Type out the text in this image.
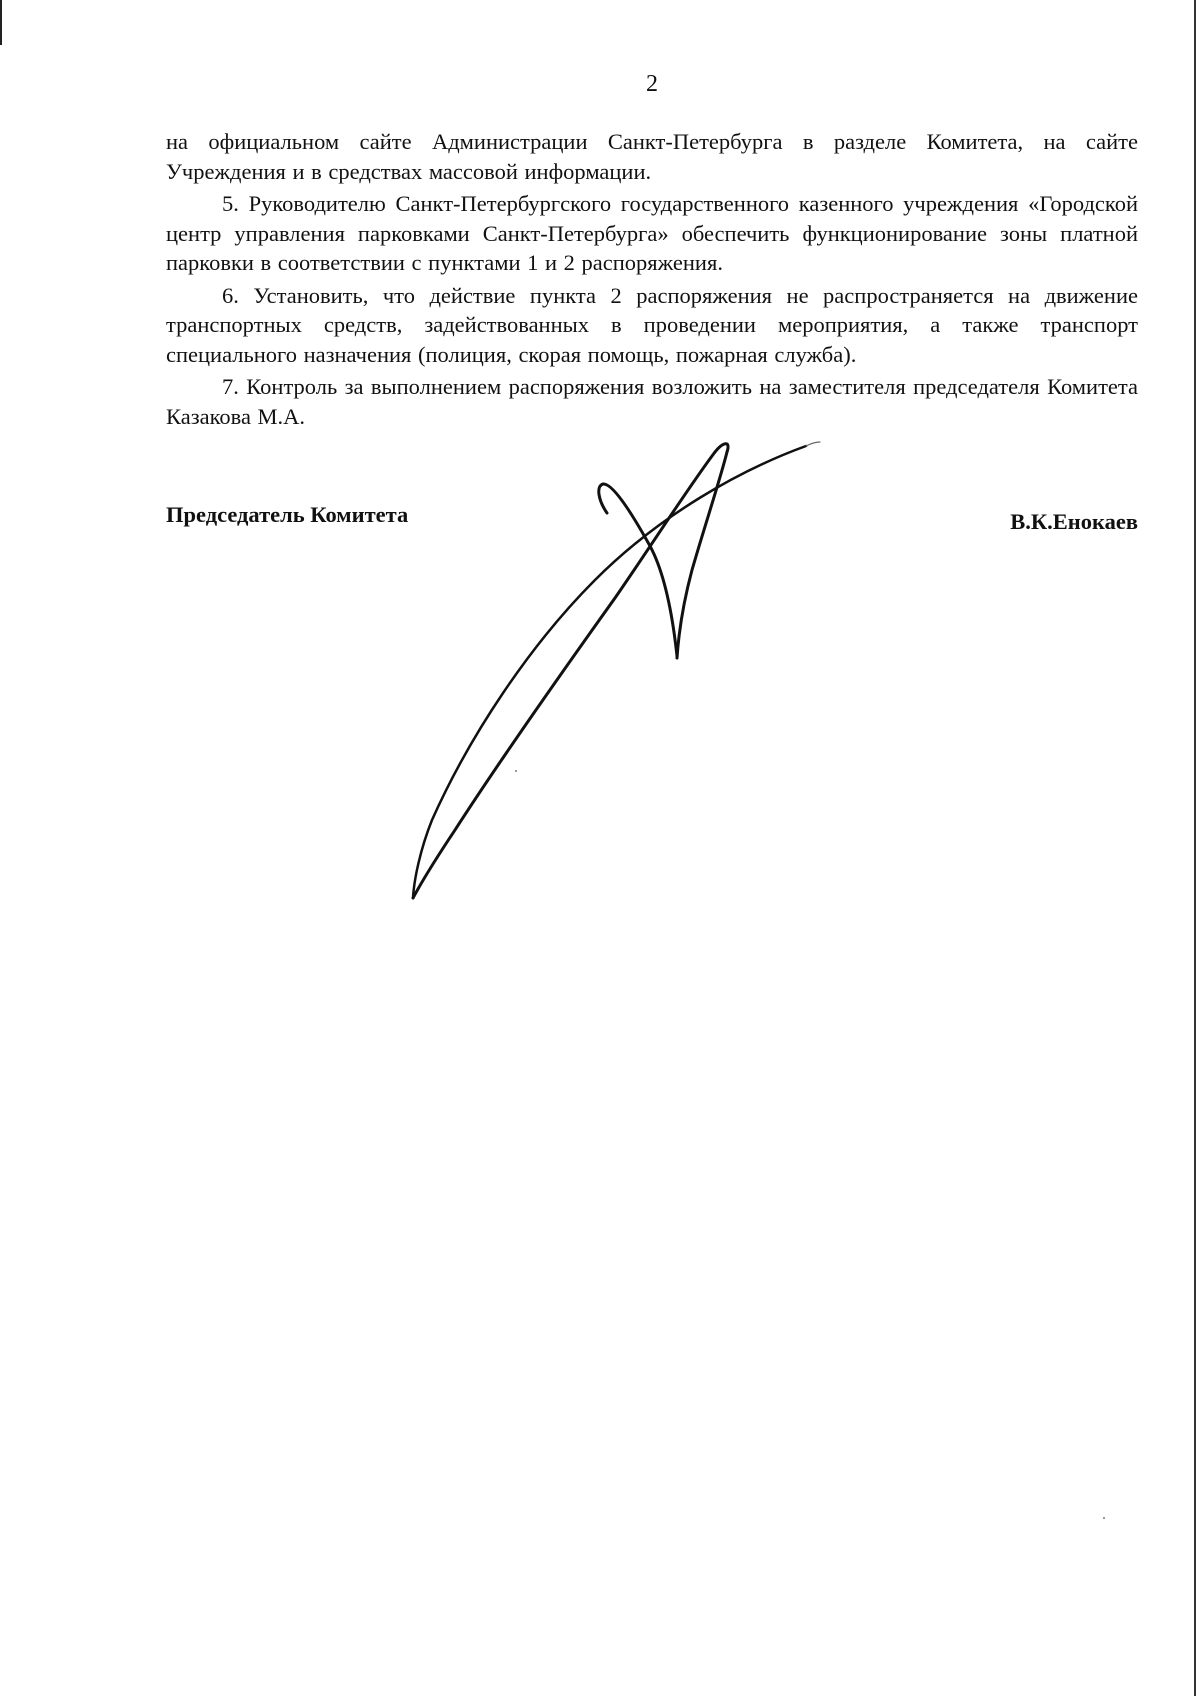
2

на официальном сайте Администрации Санкт-Петербурга в разделе Комитета, на сайте Учреждения и в средствах массовой информации.

5. Руководителю Санкт-Петербургского государственного казенного учреждения «Городской центр управления парковками Санкт-Петербурга» обеспечить функционирование зоны платной парковки в соответствии с пунктами 1 и 2 распоряжения.

6. Установить, что действие пункта 2 распоряжения не распространяется на движение транспортных средств, задействованных в проведении мероприятия, а также транспорт специального назначения (полиция, скорая помощь, пожарная служба).

7. Контроль за выполнением распоряжения возложить на заместителя председателя Комитета Казакова М.А.

Председатель Комитета	В.К.Енокаев
